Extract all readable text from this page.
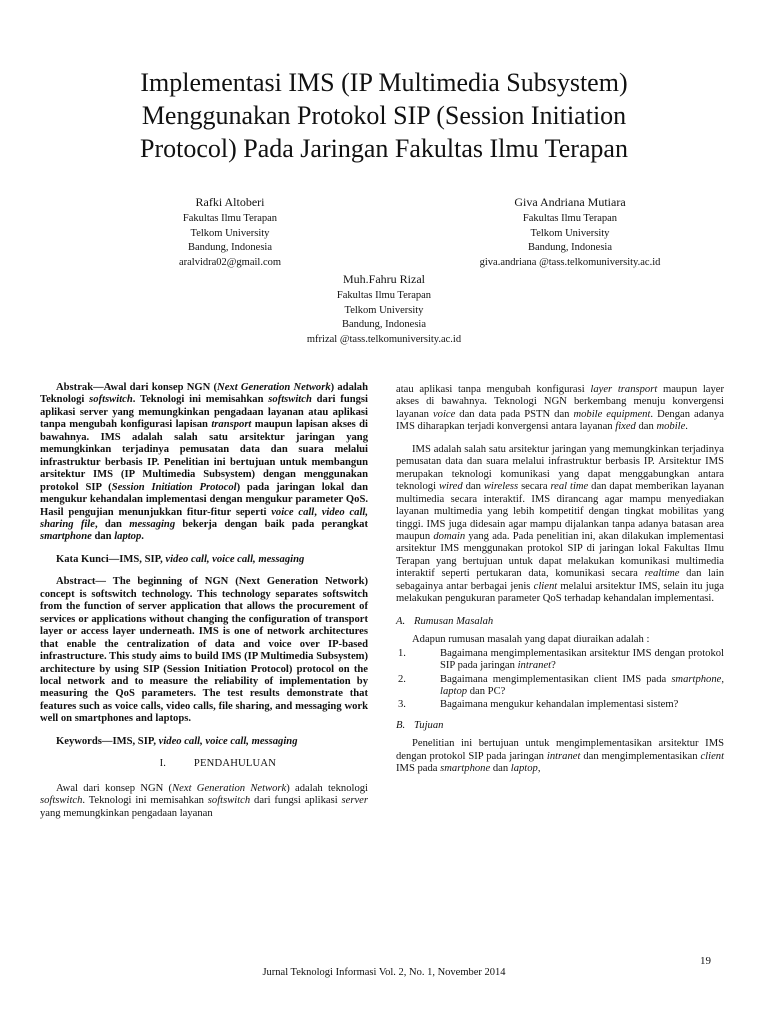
Implementasi IMS (IP Multimedia Subsystem)
Menggunakan Protokol SIP (Session Initiation
Protocol) Pada Jaringan Fakultas Ilmu Terapan
Rafki Altoberi
Fakultas Ilmu Terapan
Telkom University
Bandung, Indonesia
aralvidra02@gmail.com
Giva Andriana Mutiara
Fakultas Ilmu Terapan
Telkom University
Bandung, Indonesia
giva.andriana @tass.telkomuniversity.ac.id
Muh.Fahru Rizal
Fakultas Ilmu Terapan
Telkom University
Bandung, Indonesia
mfrizal @tass.telkomuniversity.ac.id

Abstrak—Awal dari konsep NGN (Next Generation Network) adalah Teknologi softswitch. Teknologi ini memisahkan softswitch dari fungsi aplikasi server yang memungkinkan pengadaan layanan atau aplikasi tanpa mengubah konfigurasi lapisan transport maupun lapisan akses di bawahnya. IMS adalah salah satu arsitektur jaringan yang memungkinkan terjadinya pemusatan data dan suara melalui infrastruktur berbasis IP. Penelitian ini bertujuan untuk membangun arsitektur IMS (IP Multimedia Subsystem) dengan menggunakan protokol SIP (Session Initiation Protocol) pada jaringan lokal dan mengukur kehandalan implementasi dengan mengukur parameter QoS. Hasil pengujian menunjukkan fitur-fitur seperti voice call, video call, sharing file, dan messaging bekerja dengan baik pada perangkat smartphone dan laptop.

Kata Kunci—IMS, SIP, video call, voice call, messaging

Abstract— The beginning of NGN (Next Generation Network) concept is softswitch technology. This technology separates softswitch from the function of server application that allows the procurement of services or applications without changing the configuration of transport layer or access layer underneath. IMS is one of network architectures that enable the centralization of data and voice over IP-based infrastructure. This study aims to build IMS (IP Multimedia Subsystem) architecture by using SIP (Session Initiation Protocol) protocol on the local network and to measure the reliability of implementation by measuring the QoS parameters. The test results demonstrate that features such as voice calls, video calls, file sharing, and messaging work well on smartphones and laptops.

Keywords—IMS, SIP, video call, voice call, messaging

I.	PENDAHULUAN

Awal dari konsep NGN (Next Generation Network) adalah teknologi softswitch. Teknologi ini memisahkan softswitch dari fungsi aplikasi server yang memungkinkan pengadaan layanan

atau aplikasi tanpa mengubah konfigurasi layer transport maupun layer akses di bawahnya. Teknologi NGN berkembang menuju konvergensi layanan voice dan data pada PSTN dan mobile equipment. Dengan adanya IMS diharapkan terjadi konvergensi antara layanan fixed dan mobile.

IMS adalah salah satu arsitektur jaringan yang memungkinkan terjadinya pemusatan data dan suara melalui infrastruktur berbasis IP. Arsitektur IMS merupakan teknologi komunikasi yang dapat menggabungkan antara teknologi wired dan wireless secara real time dan dapat memberikan layanan multimedia secara interaktif. IMS dirancang agar mampu menyediakan layanan multimedia yang lebih kompetitif dengan tingkat mobilitas yang tinggi. IMS juga didesain agar mampu dijalankan tanpa adanya batasan area maupun domain yang ada. Pada penelitian ini, akan dilakukan implementasi arsitektur IMS menggunakan protokol SIP di jaringan lokal Fakultas Ilmu Terapan yang bertujuan untuk dapat melakukan komunikasi multimedia interaktif seperti pertukaran data, komunikasi secara realtime dan lain sebagainya antar berbagai jenis client melalui arsitektur IMS, selain itu juga melakukan pengukuran parameter QoS terhadap kehandalan implementasi.

A. Rumusan Masalah

Adapun rumusan masalah yang dapat diuraikan adalah :

1.	Bagaimana mengimplementasikan arsitektur IMS dengan protokol SIP pada jaringan intranet?
2.	Bagaimana mengimplementasikan client IMS pada smartphone, laptop dan PC?
3.	Bagaimana mengukur kehandalan implementasi sistem?
B. Tujuan

Penelitian ini bertujuan untuk mengimplementasikan arsitektur IMS dengan protokol SIP pada jaringan intranet dan mengimplementasikan client IMS pada smartphone dan laptop,

19
Jurnal Teknologi Informasi Vol. 2, No. 1, November 2014
